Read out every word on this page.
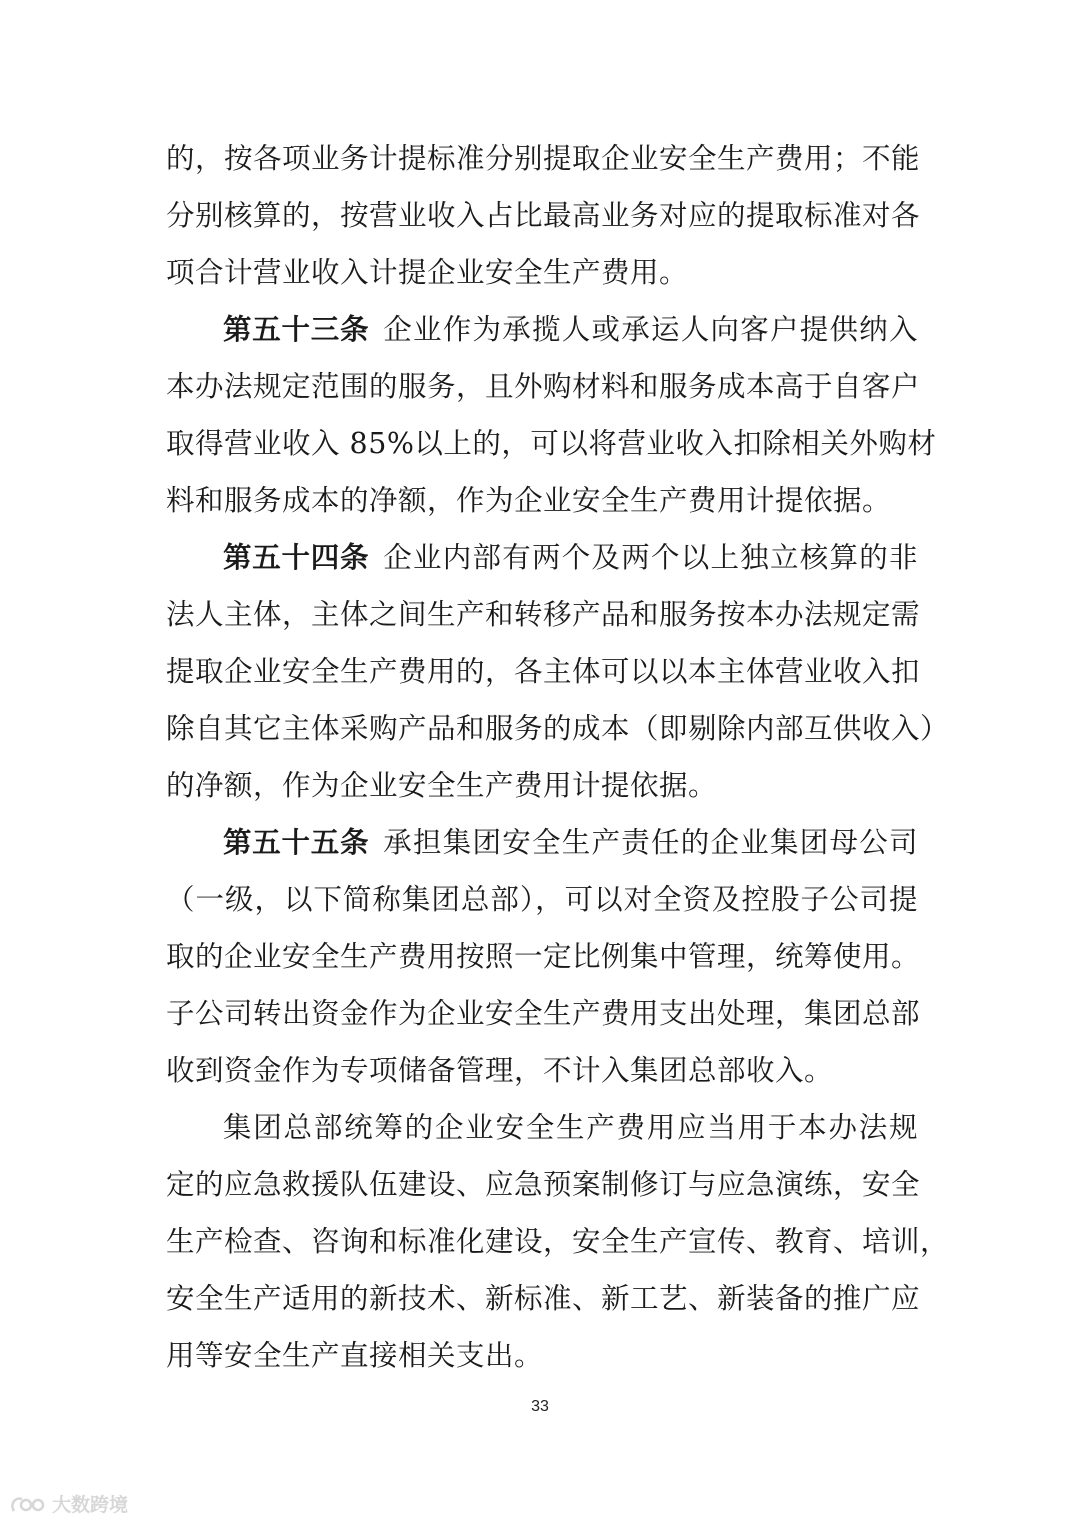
的，按各项业务计提标准分别提取企业安全生产费用；不能
分别核算的，按营业收入占比最高业务对应的提取标准对各
项合计营业收入计提企业安全生产费用。
第五十三条 企业作为承揽人或承运人向客户提供纳入
本办法规定范围的服务，且外购材料和服务成本高于自客户
取得营业收入 85%以上的，可以将营业收入扣除相关外购材
料和服务成本的净额，作为企业安全生产费用计提依据。
第五十四条 企业内部有两个及两个以上独立核算的非
法人主体，主体之间生产和转移产品和服务按本办法规定需
提取企业安全生产费用的，各主体可以以本主体营业收入扣
除自其它主体采购产品和服务的成本（即剔除内部互供收入）
的净额，作为企业安全生产费用计提依据。
第五十五条 承担集团安全生产责任的企业集团母公司
（一级，以下简称集团总部），可以对全资及控股子公司提
取的企业安全生产费用按照一定比例集中管理，统筹使用。
子公司转出资金作为企业安全生产费用支出处理，集团总部
收到资金作为专项储备管理，不计入集团总部收入。
集团总部统筹的企业安全生产费用应当用于本办法规
定的应急救援队伍建设、应急预案制修订与应急演练，安全
生产检查、咨询和标准化建设，安全生产宣传、教育、培训，
安全生产适用的新技术、新标准、新工艺、新装备的推广应
用等安全生产直接相关支出。
33
大数跨境
